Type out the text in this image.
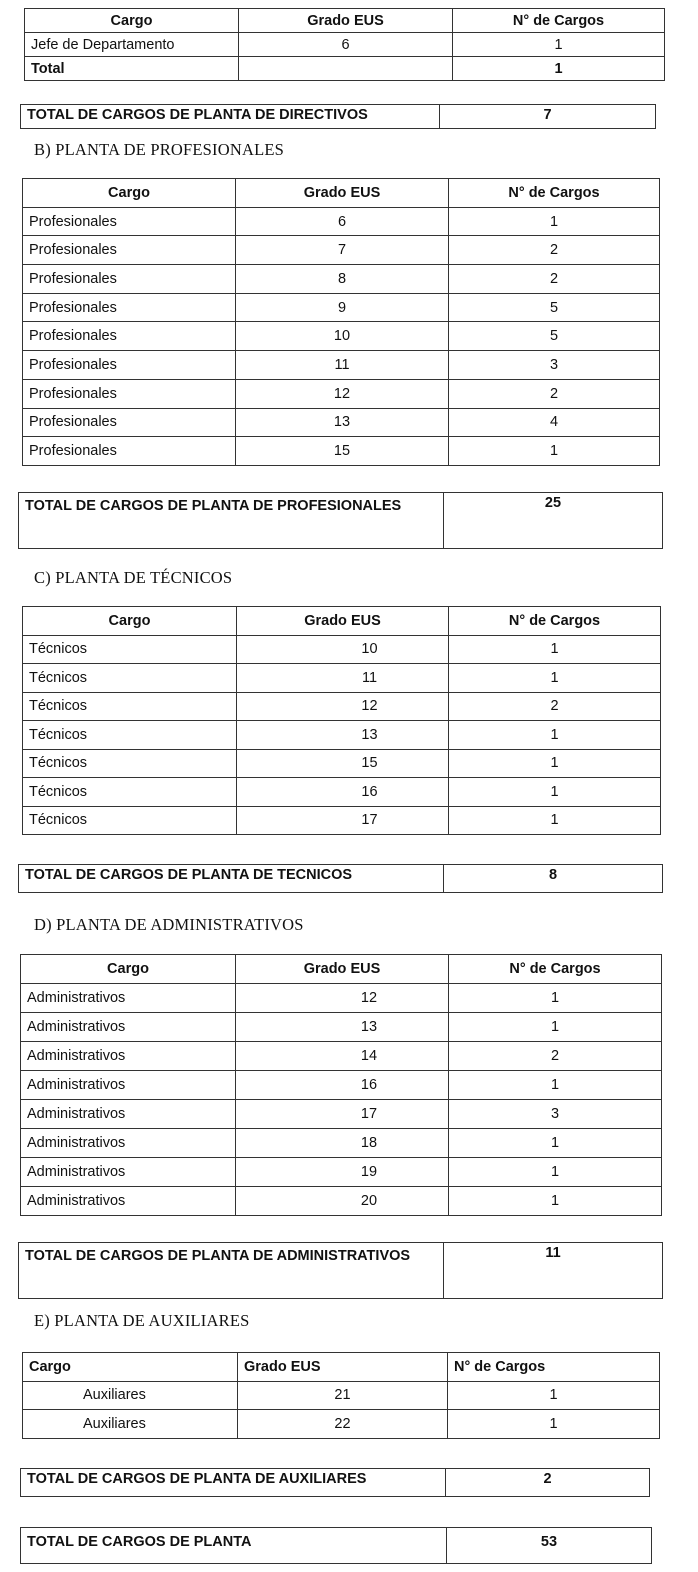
Cargo	Grado EUS	N° de Cargos
Jefe de Departamento	6	1
Total		1
TOTAL DE CARGOS DE PLANTA DE DIRECTIVOS	7
B) PLANTA DE PROFESIONALES
C) PLANTA DE TÉCNICOS
D) PLANTA DE ADMINISTRATIVOS
E) PLANTA DE AUXILIARES
TOTAL DE CARGOS DE PLANTA	53
Cargo	Grado EUS	N° de Cargos
Profesionales	6	1
Profesionales	7	2
Profesionales	8	2
Profesionales	9	5
Profesionales	10	5
Profesionales	11	3
Profesionales	12	2
Profesionales	13	4
Profesionales	15	1
TOTAL DE CARGOS DE PLANTA DE PROFESIONALES	25
Cargo	Grado EUS	N° de Cargos
Técnicos	10	1
Técnicos	11	1
Técnicos	12	2
Técnicos	13	1
Técnicos	15	1
Técnicos	16	1
Técnicos	17	1
TOTAL DE CARGOS DE PLANTA DE TECNICOS	8
Cargo	Grado EUS	N° de Cargos
Administrativos	12	1
Administrativos	13	1
Administrativos	14	2
Administrativos	16	1
Administrativos	17	3
Administrativos	18	1
Administrativos	19	1
Administrativos	20	1
TOTAL DE CARGOS DE PLANTA DE ADMINISTRATIVOS	11
Cargo	Grado EUS	N° de Cargos
Auxiliares	21	1
Auxiliares	22	1
TOTAL DE CARGOS DE PLANTA DE AUXILIARES	2
